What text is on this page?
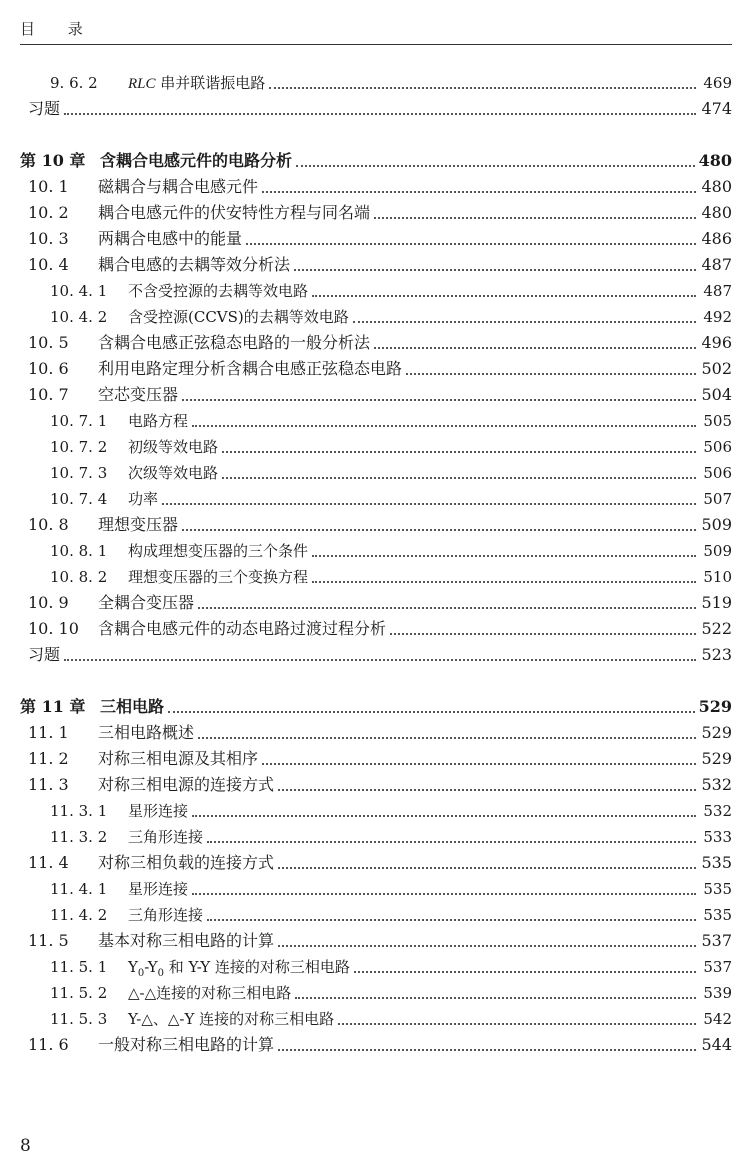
目 录
9. 6. 2	RLC 串并联谐振电路	469
习题	474
第 10 章 含耦合电感元件的电路分析	480
10. 1	磁耦合与耦合电感元件	480
10. 2	耦合电感元件的伏安特性方程与同名端	480
10. 3	两耦合电感中的能量	486
10. 4	耦合电感的去耦等效分析法	487
10. 4. 1	不含受控源的去耦等效电路	487
10. 4. 2	含受控源(CCVS)的去耦等效电路	492
10. 5	含耦合电感正弦稳态电路的一般分析法	496
10. 6	利用电路定理分析含耦合电感正弦稳态电路	502
10. 7	空芯变压器	504
10. 7. 1	电路方程	505
10. 7. 2	初级等效电路	506
10. 7. 3	次级等效电路	506
10. 7. 4	功率	507
10. 8	理想变压器	509
10. 8. 1	构成理想变压器的三个条件	509
10. 8. 2	理想变压器的三个变换方程	510
10. 9	全耦合变压器	519
10. 10	含耦合电感元件的动态电路过渡过程分析	522
习题	523
第 11 章 三相电路	529
11. 1	三相电路概述	529
11. 2	对称三相电源及其相序	529
11. 3	对称三相电源的连接方式	532
11. 3. 1	星形连接	532
11. 3. 2	三角形连接	533
11. 4	对称三相负载的连接方式	535
11. 4. 1	星形连接	535
11. 4. 2	三角形连接	535
11. 5	基本对称三相电路的计算	537
11. 5. 1	$Y_0-Y_0$ 和 Y-Y 连接的对称三相电路	537
11. 5. 2	△-△连接的对称三相电路	539
11. 5. 3	Y-△、△-Y 连接的对称三相电路	542
11. 6	一般对称三相电路的计算	544
8
